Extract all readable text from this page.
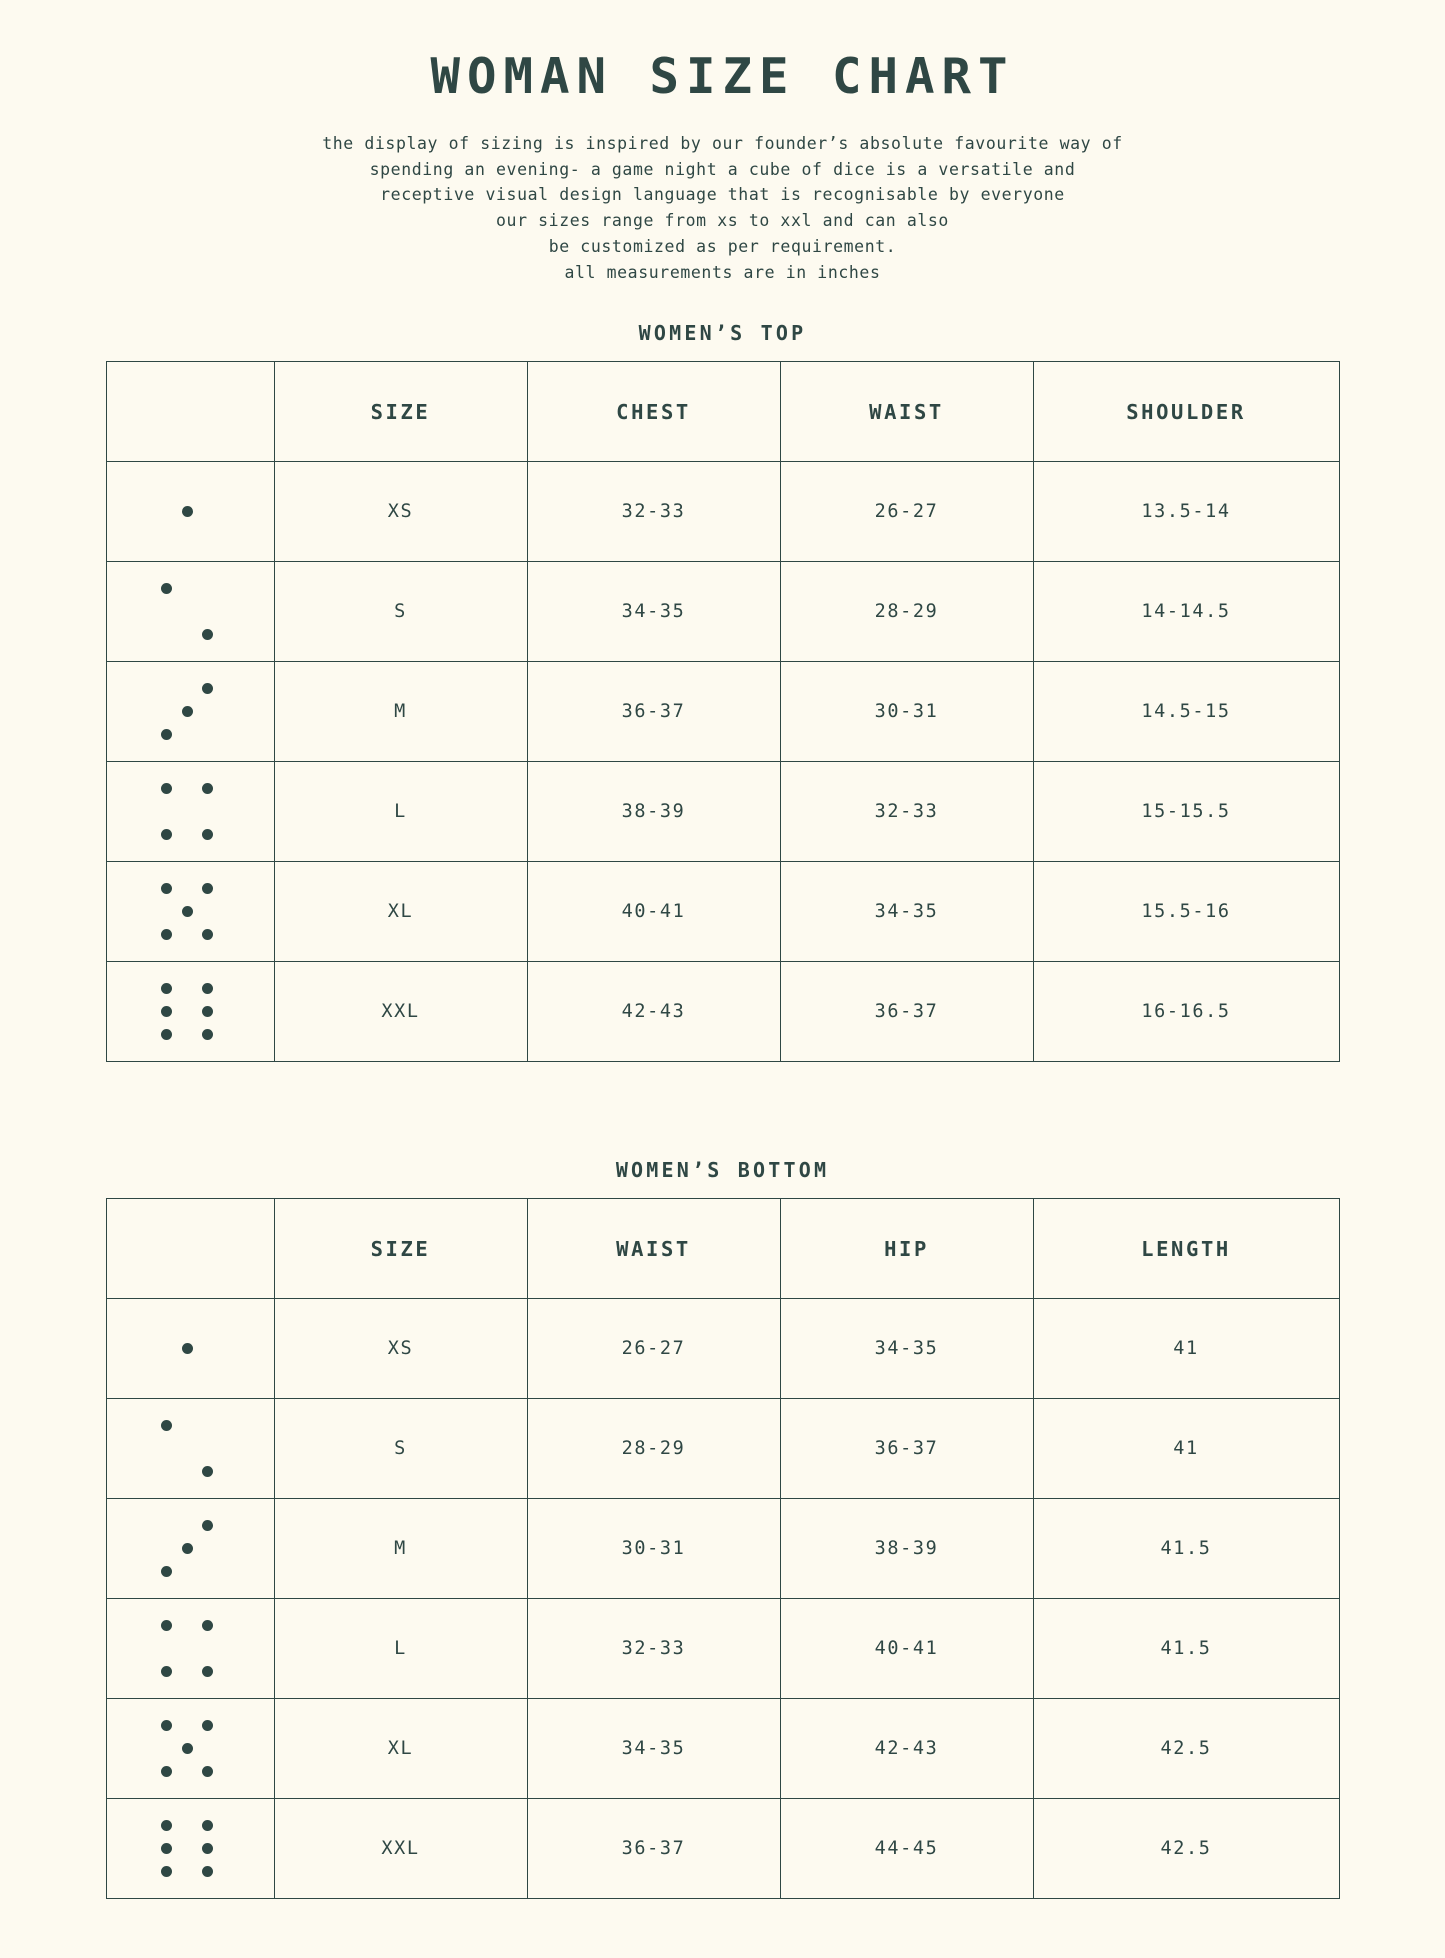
WOMAN SIZE CHART
the display of sizing is inspired by our founder’s absolute favourite way of
spending an evening- a game night a cube of dice is a versatile and
receptive visual design language that is recognisable by everyone
our sizes range from xs to xxl and can also
be customized as per requirement.
all measurements are in inches
WOMEN’S TOP
	SIZE	CHEST	WAIST	SHOULDER

	XS	32-33	26-27	13.5-14

	S	34-35	28-29	14-14.5

	M	36-37	30-31	14.5-15

	L	38-39	32-33	15-15.5

	XL	40-41	34-35	15.5-16

	XXL	42-43	36-37	16-16.5
WOMEN’S BOTTOM
	SIZE	WAIST	HIP	LENGTH

	XS	26-27	34-35	41

	S	28-29	36-37	41

	M	30-31	38-39	41.5

	L	32-33	40-41	41.5

	XL	34-35	42-43	42.5

	XXL	36-37	44-45	42.5
